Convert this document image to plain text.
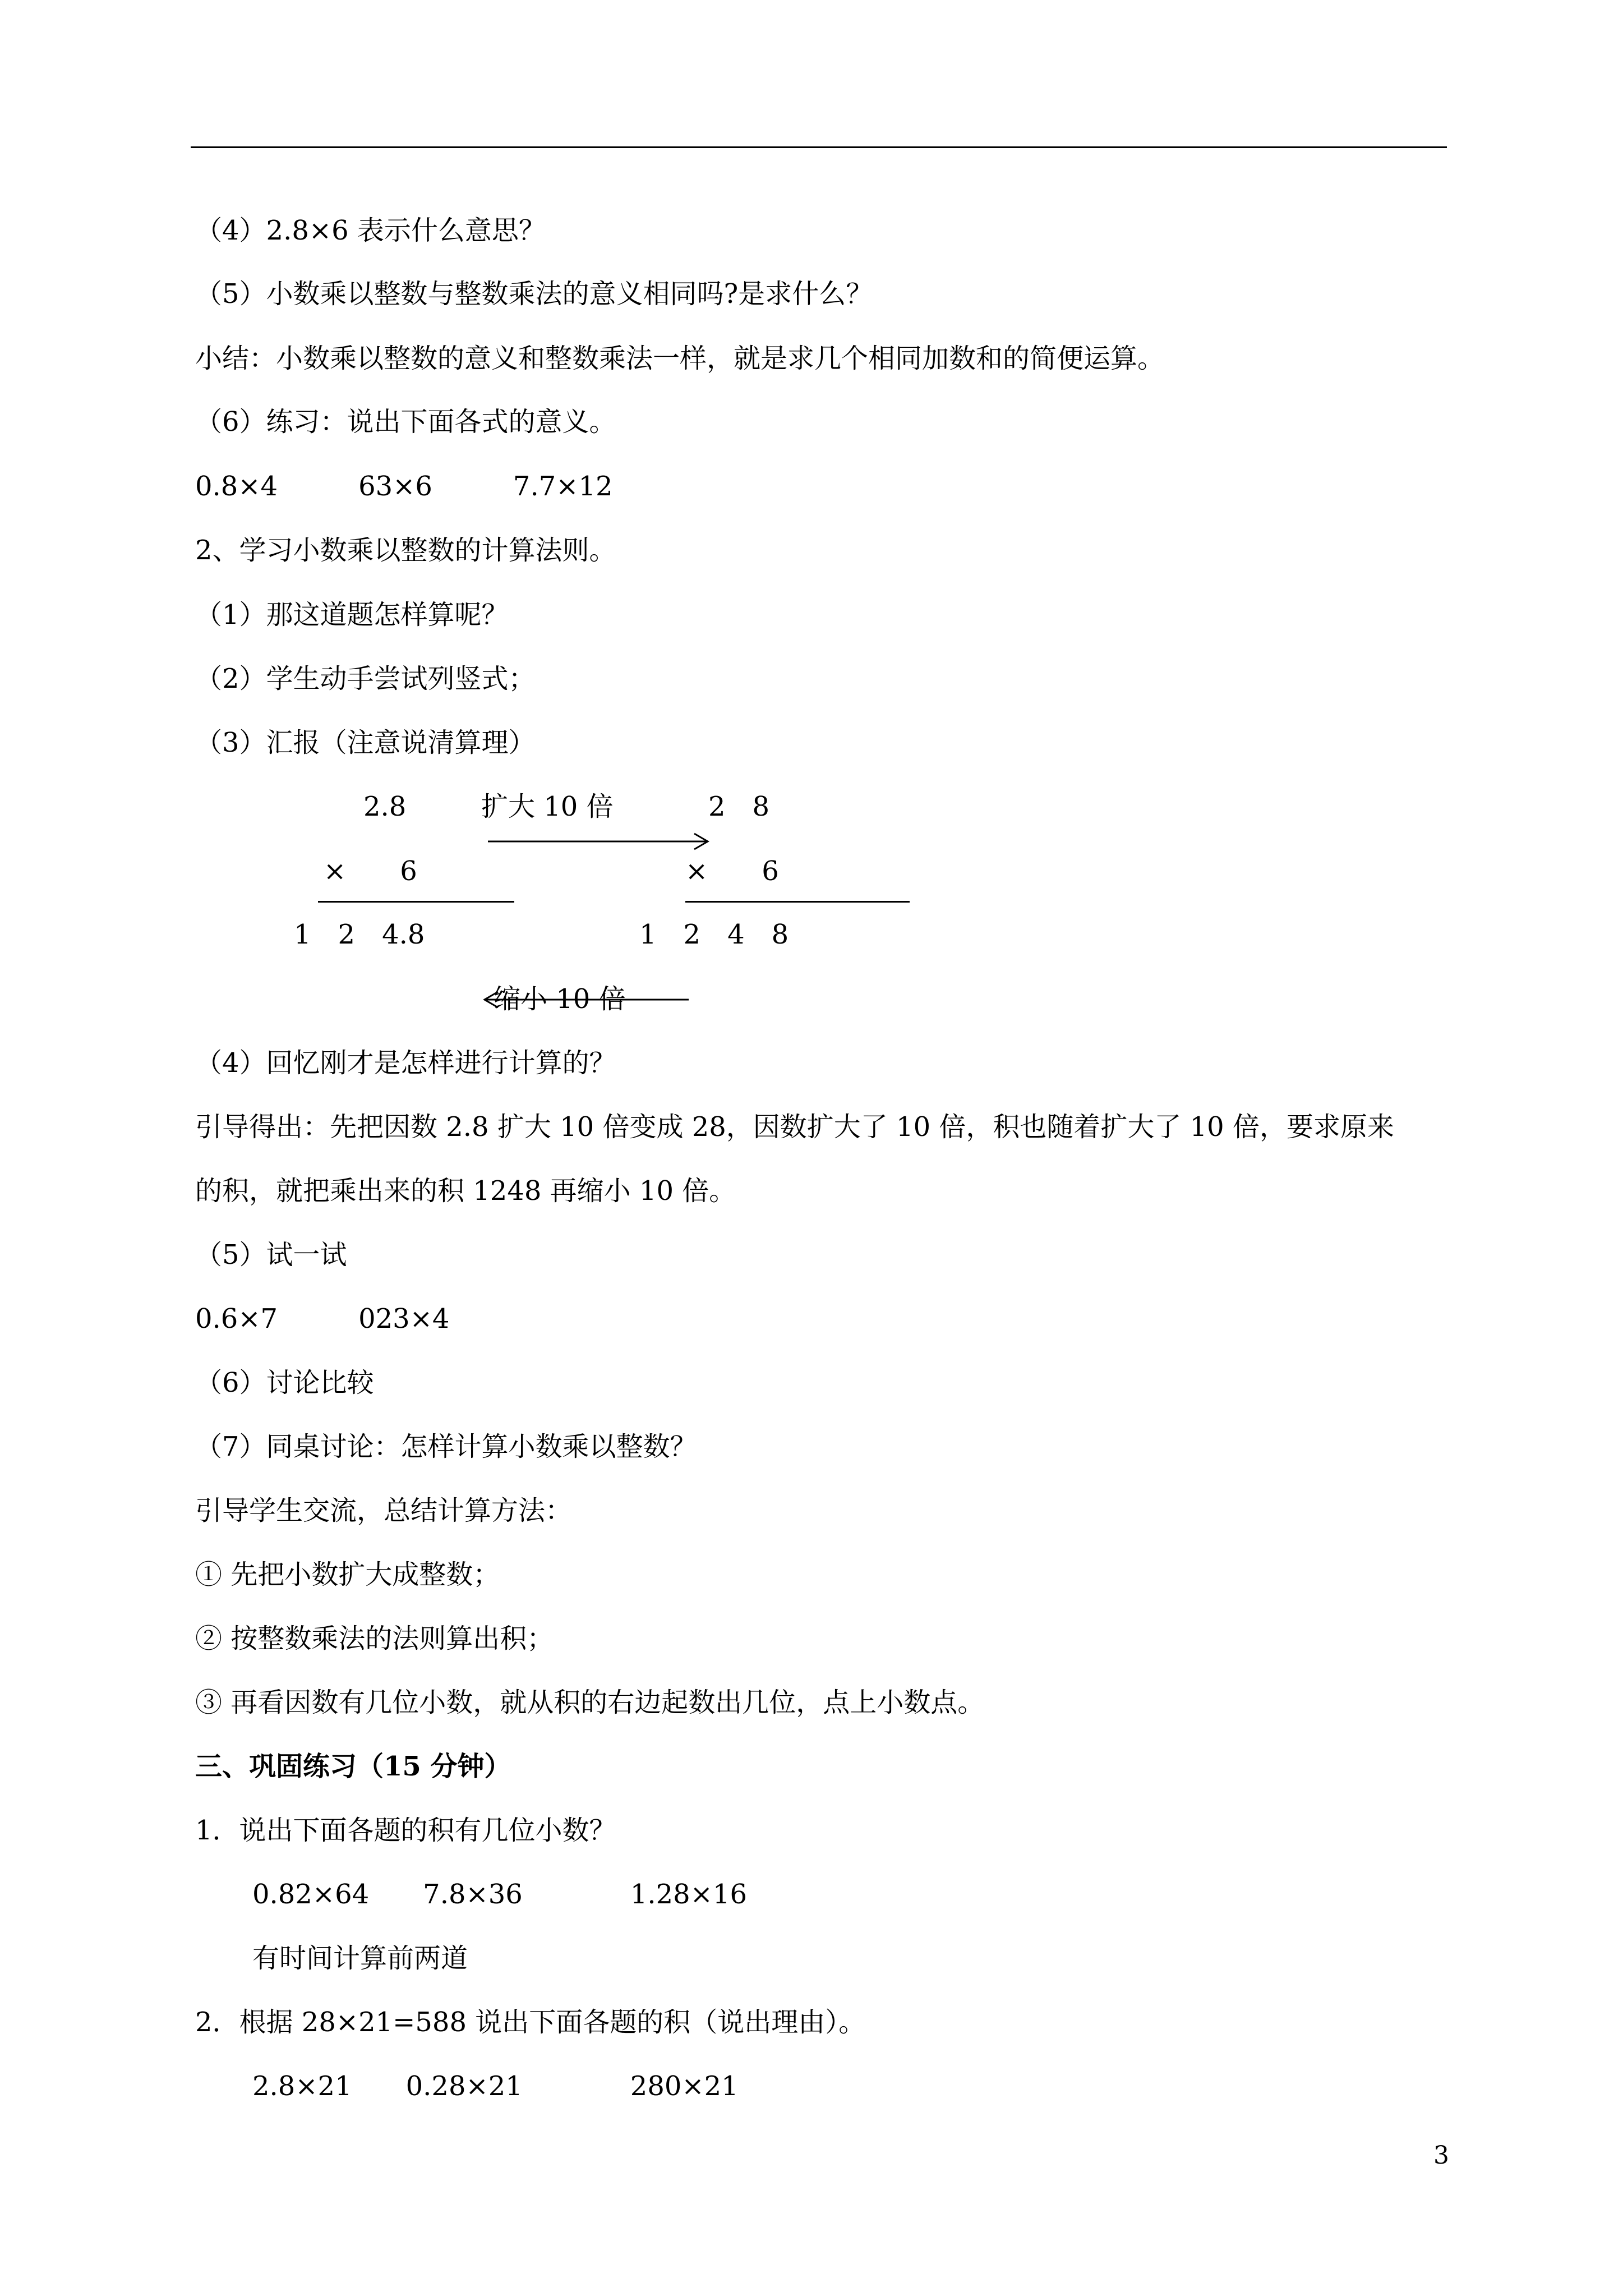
（4）2.8×6 表示什么意思？
（5）小数乘以整数与整数乘法的意义相同吗?是求什么？
小结：小数乘以整数的意义和整数乘法一样，就是求几个相同加数和的简便运算。
（6）练习：说出下面各式的意义。
0.8×4　　　63×6　　　7.7×12
2、学习小数乘以整数的计算法则。
（1）那这道题怎样算呢？
（2）学生动手尝试列竖式；
（3）汇报（注意说清算理）
2.8	扩大 10 倍	2　8
×　　6	×　　6
1　2　4.8	1　2　4　8
缩小 10 倍
（4）回忆刚才是怎样进行计算的？
引导得出：先把因数 2.8 扩大 10 倍变成 28，因数扩大了 10 倍，积也随着扩大了 10 倍，要求原来
的积，就把乘出来的积 1248 再缩小 10 倍。
（5）试一试
0.6×7　　　023×4
（6）讨论比较
（7）同桌讨论：怎样计算小数乘以整数？
引导学生交流，总结计算方法：
① 先把小数扩大成整数；
② 按整数乘法的法则算出积；
③ 再看因数有几位小数，就从积的右边起数出几位，点上小数点。
三、巩固练习（15 分钟）
1．说出下面各题的积有几位小数？
0.82×64　　7.8×36　　　　1.28×16
有时间计算前两道
2．根据 28×21=588 说出下面各题的积（说出理由）。
2.8×21　　0.28×21　　　　280×21
3
